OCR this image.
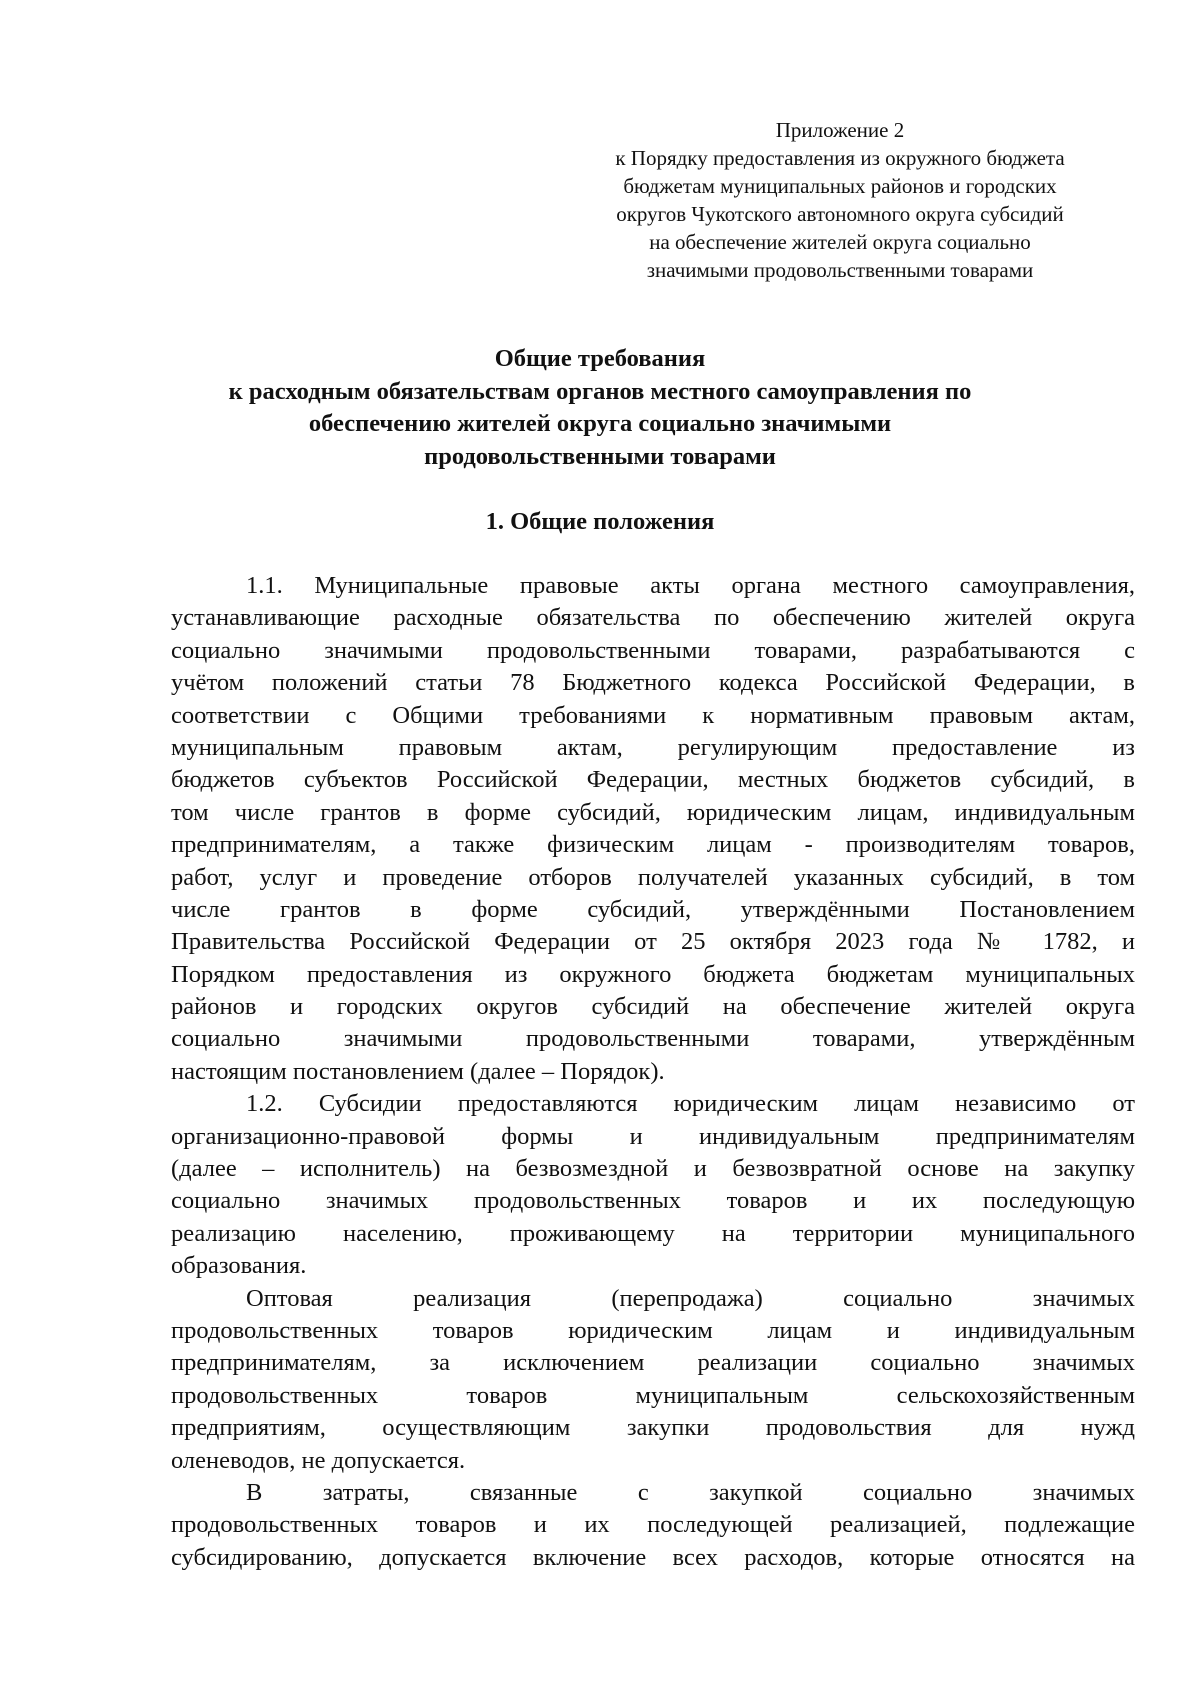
Приложение 2
к Порядку предоставления из окружного бюджета
бюджетам муниципальных районов и городских
округов Чукотского автономного округа субсидий
на обеспечение жителей округа социально
значимыми продовольственными товарами
Общие требования
к расходным обязательствам органов местного самоуправления по
обеспечению жителей округа социально значимыми
продовольственными товарами
1. Общие положения

1.1. Муниципальные правовые акты органа местного самоуправления,
устанавливающие расходные обязательства по обеспечению жителей округа
социально значимыми продовольственными товарами, разрабатываются с
учётом положений статьи 78 Бюджетного кодекса Российской Федерации, в
соответствии с Общими требованиями к нормативным правовым актам,
муниципальным правовым актам, регулирующим предоставление из
бюджетов субъектов Российской Федерации, местных бюджетов субсидий, в
том числе грантов в форме субсидий, юридическим лицам, индивидуальным
предпринимателям, а также физическим лицам - производителям товаров,
работ, услуг и проведение отборов получателей указанных субсидий, в том
числе грантов в форме субсидий, утверждёнными Постановлением
Правительства Российской Федерации от 25 октября 2023 года № 1782, и
Порядком предоставления из окружного бюджета бюджетам муниципальных
районов и городских округов субсидий на обеспечение жителей округа
социально значимыми продовольственными товарами, утверждённым
настоящим постановлением (далее – Порядок).

1.2. Субсидии предоставляются юридическим лицам независимо от
организационно-правовой формы и индивидуальным предпринимателям
(далее – исполнитель) на безвозмездной и безвозвратной основе на закупку
социально значимых продовольственных товаров и их последующую
реализацию населению, проживающему на территории муниципального
образования.

Оптовая реализация (перепродажа) социально значимых
продовольственных товаров юридическим лицам и индивидуальным
предпринимателям, за исключением реализации социально значимых
продовольственных товаров муниципальным сельскохозяйственным
предприятиям, осуществляющим закупки продовольствия для нужд
оленеводов, не допускается.

В затраты, связанные с закупкой социально значимых
продовольственных товаров и их последующей реализацией, подлежащие
субсидированию, допускается включение всех расходов, которые относятся на
